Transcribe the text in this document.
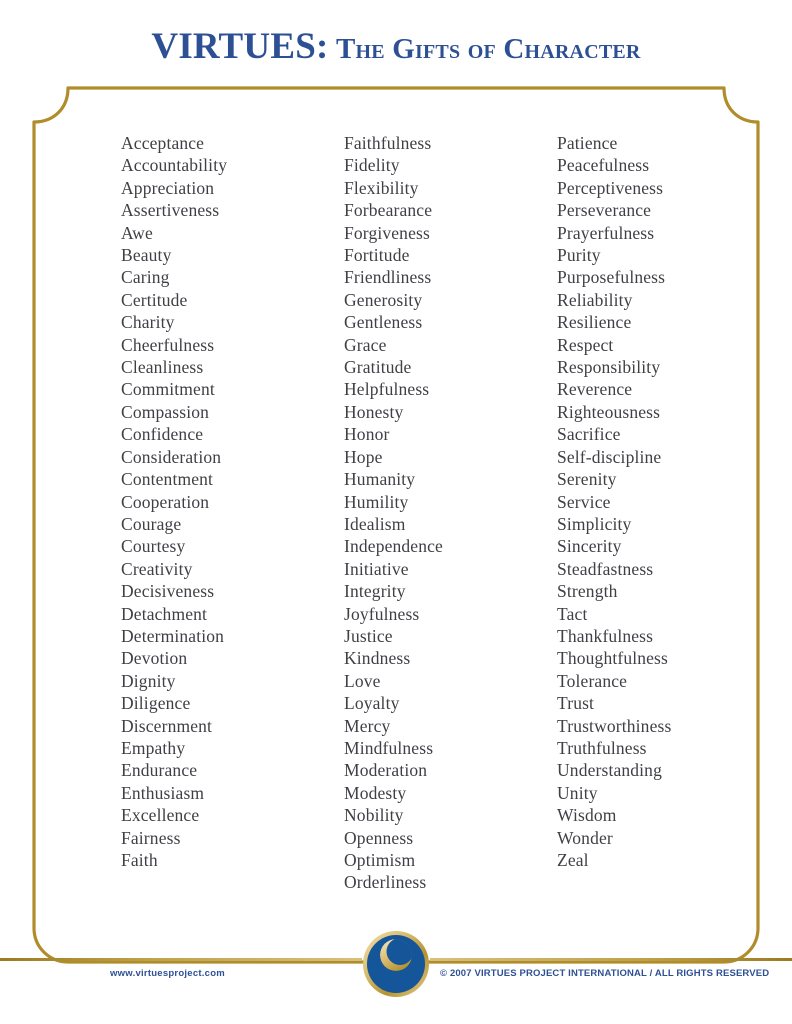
VIRTUES: The Gifts of Character
Acceptance
Accountability
Appreciation
Assertiveness
Awe
Beauty
Caring
Certitude
Charity
Cheerfulness
Cleanliness
Commitment
Compassion
Confidence
Consideration
Contentment
Cooperation
Courage
Courtesy
Creativity
Decisiveness
Detachment
Determination
Devotion
Dignity
Diligence
Discernment
Empathy
Endurance
Enthusiasm
Excellence
Fairness
Faith
Faithfulness
Fidelity
Flexibility
Forbearance
Forgiveness
Fortitude
Friendliness
Generosity
Gentleness
Grace
Gratitude
Helpfulness
Honesty
Honor
Hope
Humanity
Humility
Idealism
Independence
Initiative
Integrity
Joyfulness
Justice
Kindness
Love
Loyalty
Mercy
Mindfulness
Moderation
Modesty
Nobility
Openness
Optimism
Orderliness
Patience
Peacefulness
Perceptiveness
Perseverance
Prayerfulness
Purity
Purposefulness
Reliability
Resilience
Respect
Responsibility
Reverence
Righteousness
Sacrifice
Self-discipline
Serenity
Service
Simplicity
Sincerity
Steadfastness
Strength
Tact
Thankfulness
Thoughtfulness
Tolerance
Trust
Trustworthiness
Truthfulness
Understanding
Unity
Wisdom
Wonder
Zeal
www.virtuesproject.com	© 2007 VIRTUES PROJECT INTERNATIONAL / ALL RIGHTS RESERVED
